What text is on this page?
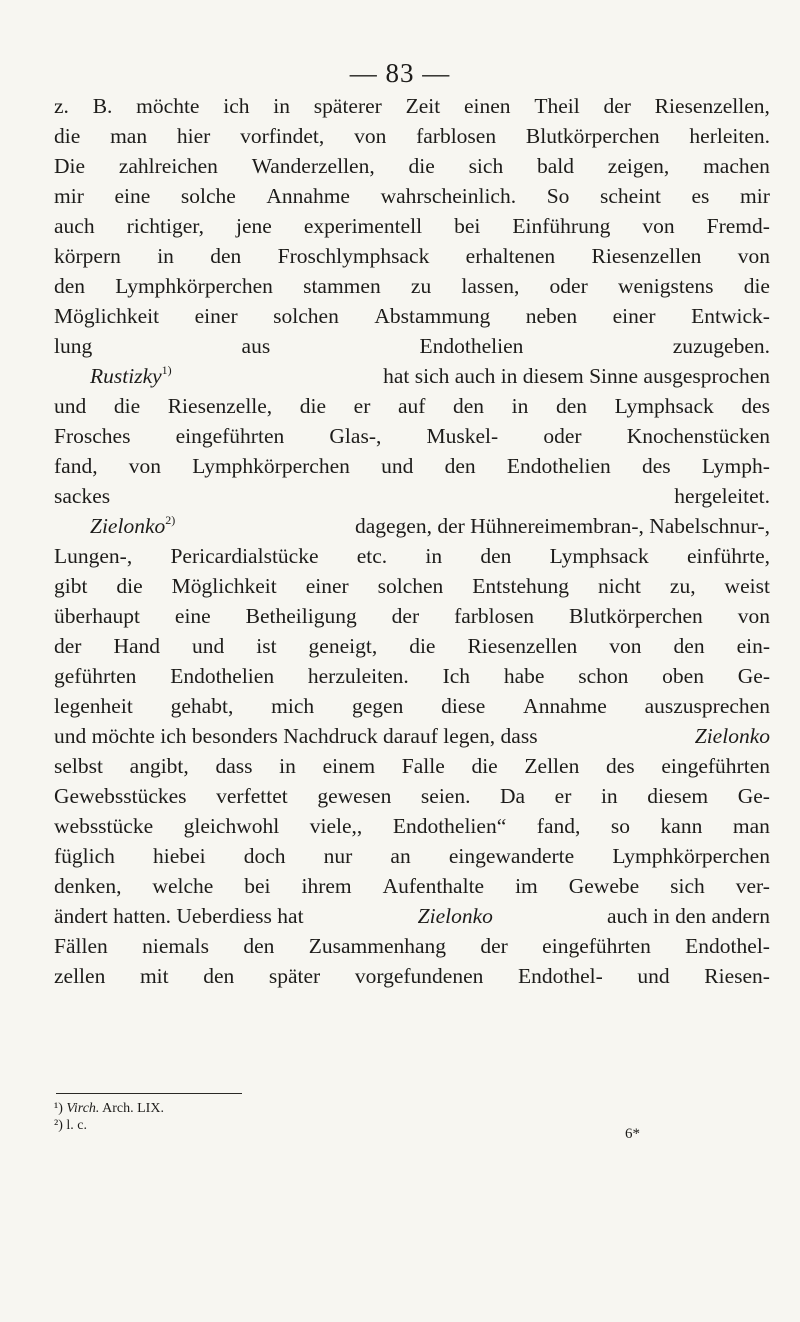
— 83 —

z. B. möchte ich in späterer Zeit einen Theil der Riesenzellen,
die man hier vorfindet, von farblosen Blutkörperchen herleiten.
Die zahlreichen Wanderzellen, die sich bald zeigen, machen
mir eine solche Annahme wahrscheinlich. So scheint es mir
auch richtiger, jene experimentell bei Einführung von Fremd-
körpern in den Froschlymphsack erhaltenen Riesenzellen von
den Lymphkörperchen stammen zu lassen, oder wenigstens die
Möglichkeit einer solchen Abstammung neben einer Entwick-
lung aus Endothelien zuzugeben.

Rustizky$^{1)}$	hat sich auch in diesem Sinne ausgesprochen
und die Riesenzelle, die er auf den in den Lymphsack des
Frosches eingeführten Glas-, Muskel- oder Knochenstücken
fand, von Lymphkörperchen und den Endothelien des Lymph-
sackes hergeleitet.

Zielonko$^{2)}$	dagegen, der Hühnereimembran-, Nabelschnur-,
Lungen-, Pericardialstücke etc. in den Lymphsack einführte,
gibt die Möglichkeit einer solchen Entstehung nicht zu, weist
überhaupt eine Betheiligung der farblosen Blutkörperchen von
der Hand und ist geneigt, die Riesenzellen von den ein-
geführten Endothelien herzuleiten. Ich habe schon oben Ge-
legenheit gehabt, mich gegen diese Annahme auszusprechen
und möchte ich besonders Nachdruck darauf legen, dass	Zielonko
selbst angibt, dass in einem Falle die Zellen des eingeführten
Gewebsstückes verfettet gewesen seien. Da er in diesem Ge-
websstücke gleichwohl viele,, Endothelien“ fand, so kann man
füglich hiebei doch nur an eingewanderte Lymphkörperchen
denken, welche bei ihrem Aufenthalte im Gewebe sich ver-
ändert hatten. Ueberdiess hat	Zielonko	auch in den andern
Fällen niemals den Zusammenhang der eingeführten Endothel-
zellen mit den später vorgefundenen Endothel- und Riesen-

¹) Virch. Arch. LIX.
²) l. c.
6*
